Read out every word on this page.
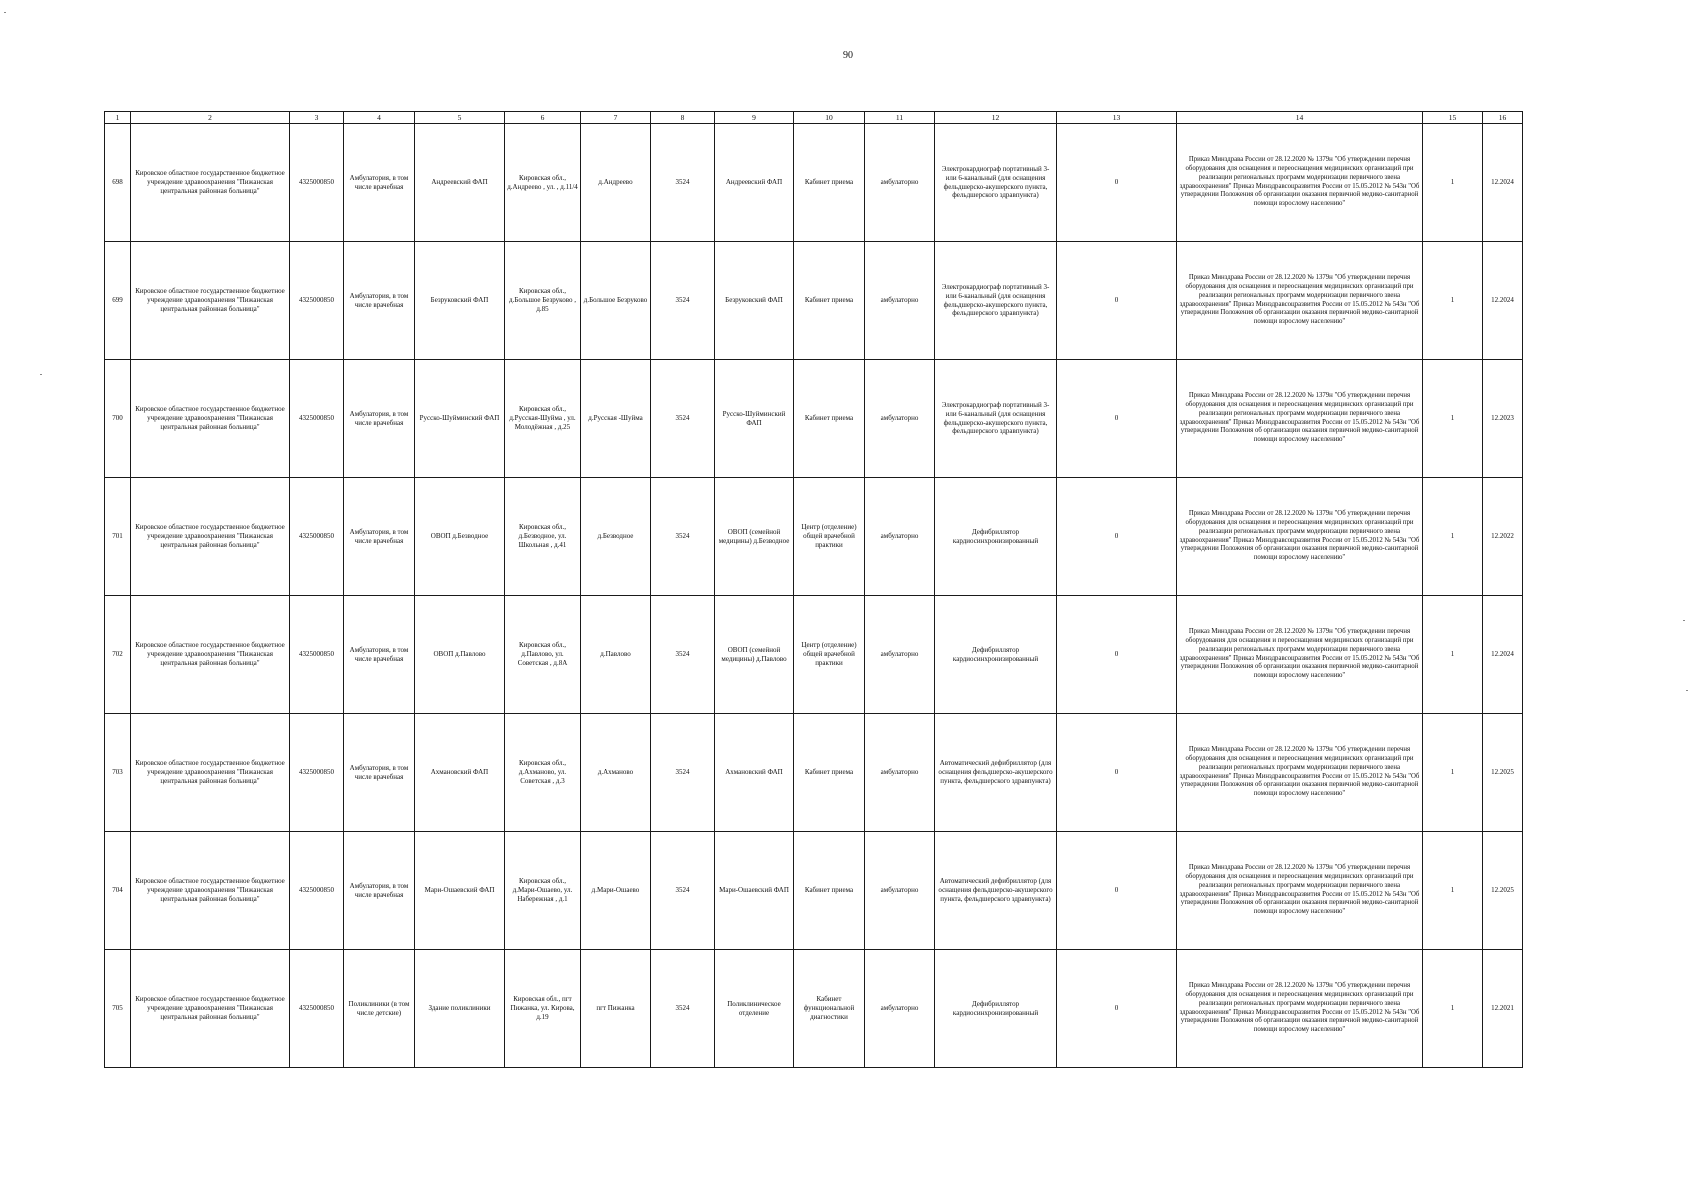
90
1	2	3	4	5	6	7	8	9	10	11	12	13	14	15	16
698	Кировское областное государственное бюджетное учреждение здравоохранения "Пижанская центральная районная больница"	4325000850	Амбулатория, в том числе врачебная	Андреевский ФАП	Кировская обл., д.Андреево , ул. , д.11/4	д.Андреево	3524	Андреевский ФАП	Кабинет приема	амбулаторно	Электрокардиограф портативный 3- или 6-канальный (для оснащения фельдшерско-акушерского пункта, фельдшерского здравпункта)	0	Приказ Минздрава России от 28.12.2020 № 1379н "Об утверждении перечня оборудования для оснащения и переоснащения медицинских организаций при реализации региональных программ модернизации первичного звена здравоохранения" Приказ Минздравсоцразвития России от 15.05.2012 № 543н "Об утверждении Положения об организации оказания первичной медико-санитарной помощи взрослому населению"	1	12.2024
699	Кировское областное государственное бюджетное учреждение здравоохранения "Пижанская центральная районная больница"	4325000850	Амбулатория, в том числе врачебная	Безруковский ФАП	Кировская обл., д.Большое Безруково , д.85	д.Большое Безруково	3524	Безруковский ФАП	Кабинет приема	амбулаторно	Электрокардиограф портативный 3- или 6-канальный (для оснащения фельдшерско-акушерского пункта, фельдшерского здравпункта)	0	Приказ Минздрава России от 28.12.2020 № 1379н "Об утверждении перечня оборудования для оснащения и переоснащения медицинских организаций при реализации региональных программ модернизации первичного звена здравоохранения" Приказ Минздравсоцразвития России от 15.05.2012 № 543н "Об утверждении Положения об организации оказания первичной медико-санитарной помощи взрослому населению"	1	12.2024
700	Кировское областное государственное бюджетное учреждение здравоохранения "Пижанская центральная районная больница"	4325000850	Амбулатория, в том числе врачебная	Русско-Шуйминский ФАП	Кировская обл., д.Русская-Шуйма , ул. Молодёжная , д.25	д.Русская -Шуйма	3524	Русско-Шуйминский ФАП	Кабинет приема	амбулаторно	Электрокардиограф портативный 3- или 6-канальный (для оснащения фельдшерско-акушерского пункта, фельдшерского здравпункта)	0	Приказ Минздрава России от 28.12.2020 № 1379н "Об утверждении перечня оборудования для оснащения и переоснащения медицинских организаций при реализации региональных программ модернизации первичного звена здравоохранения" Приказ Минздравсоцразвития России от 15.05.2012 № 543н "Об утверждении Положения об организации оказания первичной медико-санитарной помощи взрослому населению"	1	12.2023
701	Кировское областное государственное бюджетное учреждение здравоохранения "Пижанская центральная районная больница"	4325000850	Амбулатория, в том числе врачебная	ОВОП д.Безводное	Кировская обл., д.Безводное, ул. Школьная , д.41	д.Безводное	3524	ОВОП (семейной медицины) д.Безводное	Центр (отделение) общей врачебной практики	амбулаторно	Дефибриллятор кардиосинхронизированный	0	Приказ Минздрава России от 28.12.2020 № 1379н "Об утверждении перечня оборудования для оснащения и переоснащения медицинских организаций при реализации региональных программ модернизации первичного звена здравоохранения" Приказ Минздравсоцразвития России от 15.05.2012 № 543н "Об утверждении Положения об организации оказания первичной медико-санитарной помощи взрослому населению"	1	12.2022
702	Кировское областное государственное бюджетное учреждение здравоохранения "Пижанская центральная районная больница"	4325000850	Амбулатория, в том числе врачебная	ОВОП д.Павлово	Кировская обл., д.Павлово, ул. Советская , д.8А	д.Павлово	3524	ОВОП (семейной медицины) д.Павлово	Центр (отделение) общей врачебной практики	амбулаторно	Дефибриллятор кардиосинхронизированный	0	Приказ Минздрава России от 28.12.2020 № 1379н "Об утверждении перечня оборудования для оснащения и переоснащения медицинских организаций при реализации региональных программ модернизации первичного звена здравоохранения" Приказ Минздравсоцразвития России от 15.05.2012 № 543н "Об утверждении Положения об организации оказания первичной медико-санитарной помощи взрослому населению"	1	12.2024
703	Кировское областное государственное бюджетное учреждение здравоохранения "Пижанская центральная районная больница"	4325000850	Амбулатория, в том числе врачебная	Ахмановский ФАП	Кировская обл., д.Ахманово, ул. Советская , д.3	д.Ахманово	3524	Ахмановский ФАП	Кабинет приема	амбулаторно	Автоматический дефибриллятор (для оснащения фельдшерско-акушерского пункта, фельдшерского здравпункта)	0	Приказ Минздрава России от 28.12.2020 № 1379н "Об утверждении перечня оборудования для оснащения и переоснащения медицинских организаций при реализации региональных программ модернизации первичного звена здравоохранения" Приказ Минздравсоцразвития России от 15.05.2012 № 543н "Об утверждении Положения об организации оказания первичной медико-санитарной помощи взрослому населению"	1	12.2025
704	Кировское областное государственное бюджетное учреждение здравоохранения "Пижанская центральная районная больница"	4325000850	Амбулатория, в том числе врачебная	Мари-Ошаевский ФАП	Кировская обл., д.Мари-Ошаево, ул. Набережная , д.1	д.Мари-Ошаево	3524	Мари-Ошаевский ФАП	Кабинет приема	амбулаторно	Автоматический дефибриллятор (для оснащения фельдшерско-акушерского пункта, фельдшерского здравпункта)	0	Приказ Минздрава России от 28.12.2020 № 1379н "Об утверждении перечня оборудования для оснащения и переоснащения медицинских организаций при реализации региональных программ модернизации первичного звена здравоохранения" Приказ Минздравсоцразвития России от 15.05.2012 № 543н "Об утверждении Положения об организации оказания первичной медико-санитарной помощи взрослому населению"	1	12.2025
705	Кировское областное государственное бюджетное учреждение здравоохранения "Пижанская центральная районная больница"	4325000850	Поликлиники (в том числе детские)	Здание поликлиники	Кировская обл., пгт Пижанка, ул. Кирова, д.19	пгт Пижанка	3524	Поликлиническое отделение	Кабинет функциональной диагностики	амбулаторно	Дефибриллятор кардиосинхронизированный	0	Приказ Минздрава России от 28.12.2020 № 1379н "Об утверждении перечня оборудования для оснащения и переоснащения медицинских организаций при реализации региональных программ модернизации первичного звена здравоохранения" Приказ Минздравсоцразвития России от 15.05.2012 № 543н "Об утверждении Положения об организации оказания первичной медико-санитарной помощи взрослому населению"	1	12.2021
